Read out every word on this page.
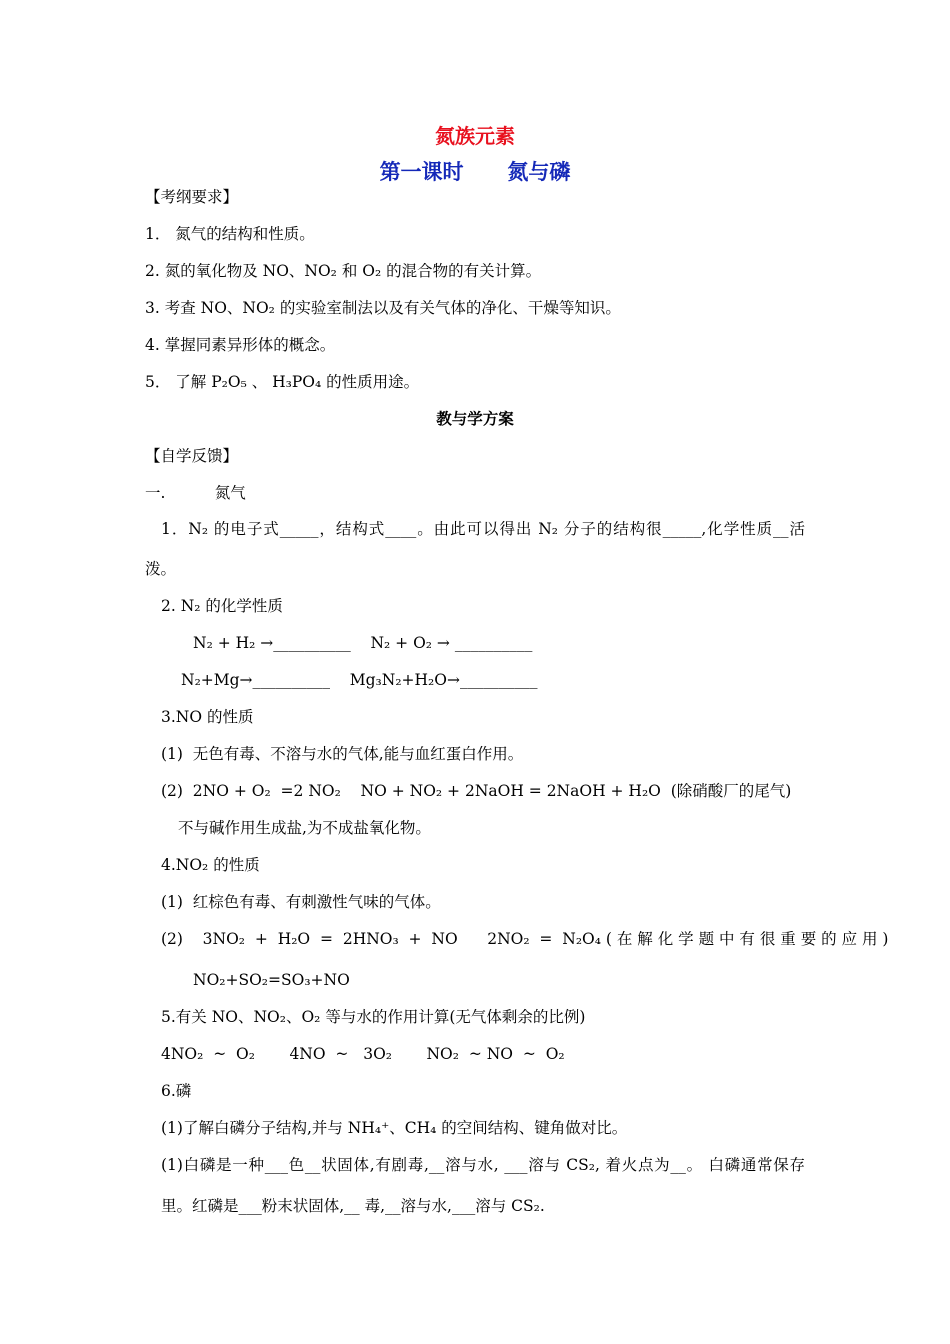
氮族元素
第一课时      氮与磷
【考纲要求】
1． 氮气的结构和性质。
2. 氮的氧化物及 NO、NO₂ 和 O₂ 的混合物的有关计算。
3. 考查 NO、NO₂ 的实验室制法以及有关气体的净化、干燥等知识。
4. 掌握同素异形体的概念。
5． 了解 P₂O₅ 、 H₃PO₄ 的性质用途。
教与学方案
【自学反馈】
一.          氮气
1．N₂ 的电子式_____，结构式____。由此可以得出 N₂ 分子的结构很_____,化学性质__活
泼。
2. N₂ 的化学性质
N₂ + H₂ →__________    N₂ + O₂ → __________
N₂+Mg→__________    Mg₃N₂+H₂O→__________
3.NO 的性质
(1)  无色有毒、不溶与水的气体,能与血红蛋白作用。
(2)  2NO + O₂  =2 NO₂    NO + NO₂ + 2NaOH = 2NaOH + H₂O  (除硝酸厂的尾气)
不与碱作用生成盐,为不成盐氧化物。
4.NO₂ 的性质
(1)  红棕色有毒、有刺激性气味的气体。
(2)    3NO₂  +  H₂O  =  2HNO₃  +  NO      2NO₂  =  N₂O₄ ( 在 解 化 学 题 中 有 很 重 要 的 应 用 )
NO₂+SO₂=SO₃+NO
5.有关 NO、NO₂、O₂ 等与水的作用计算(无气体剩余的比例)
4NO₂  ~  O₂       4NO  ~   3O₂       NO₂  ~ NO  ~  O₂
6.磷
(1)了解白磷分子结构,并与 NH₄⁺、CH₄ 的空间结构、键角做对比。
(1)白磷是一种___色__状固体,有剧毒,__溶与水, ___溶与 CS₂, 着火点为__。 白磷通常保存
里。红磷是___粉末状固体,__ 毒,__溶与水,___溶与 CS₂.
